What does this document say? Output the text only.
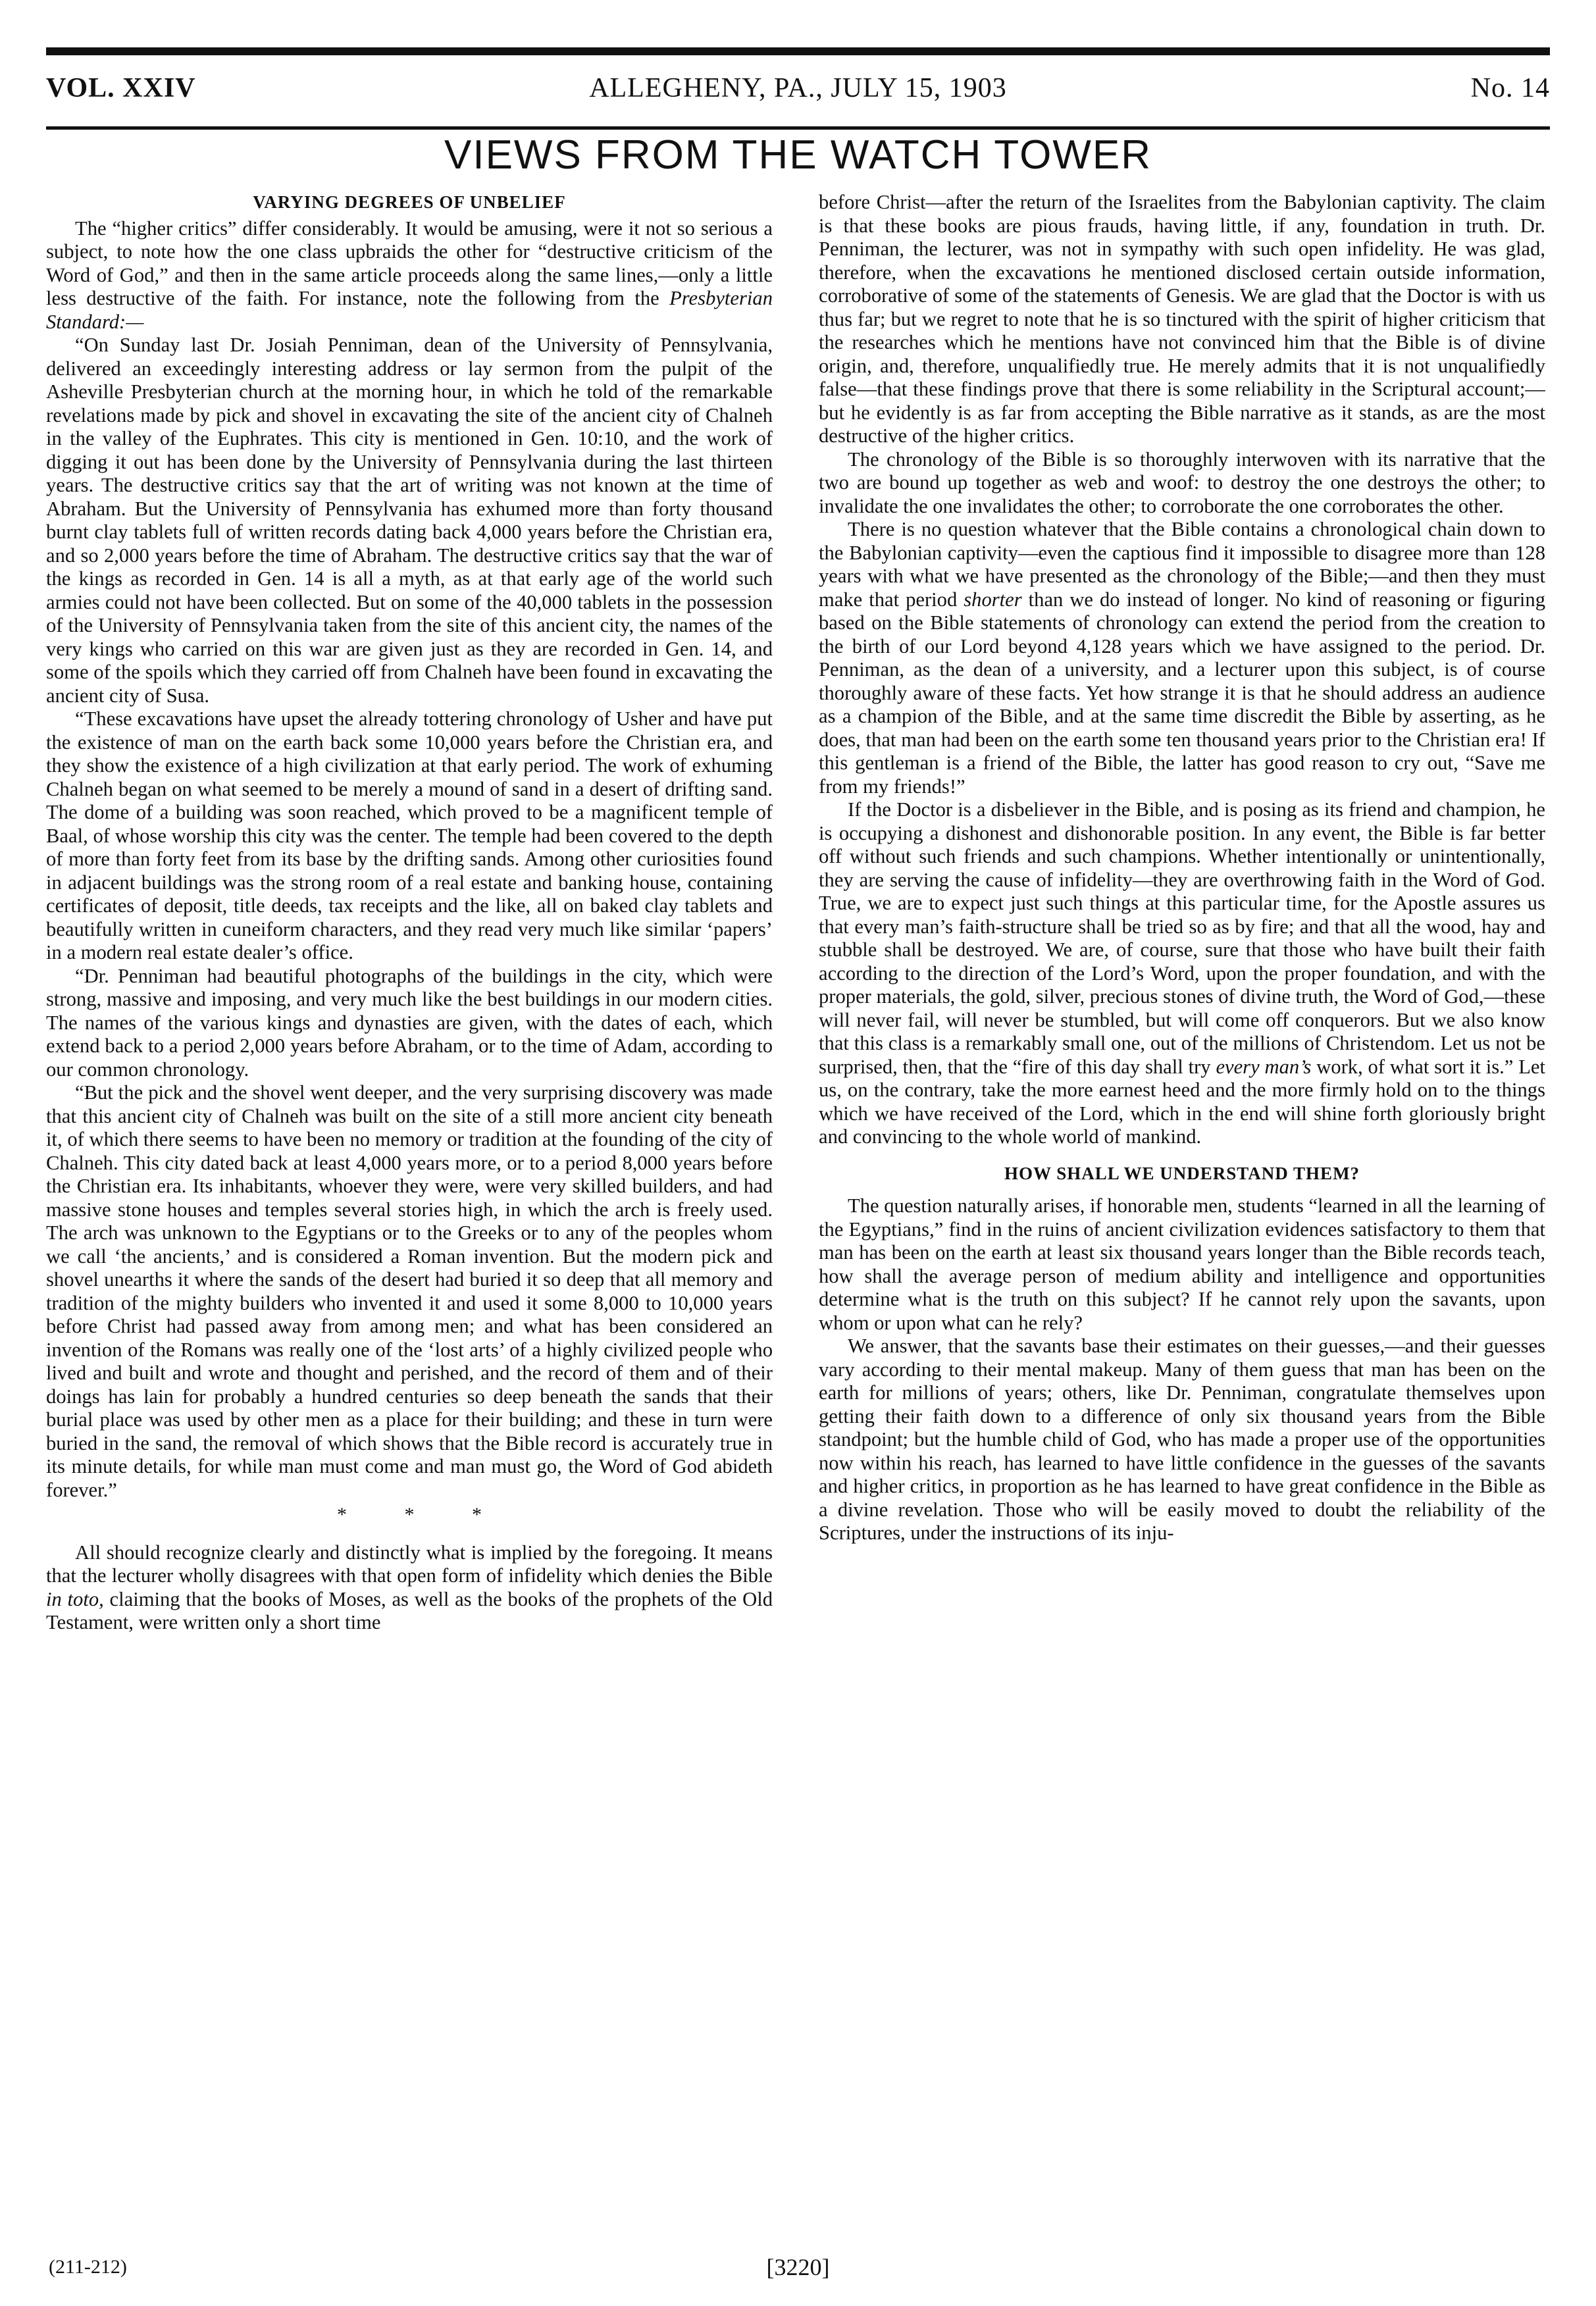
VOL. XXIV	ALLEGHENY, PA., JULY 15, 1903	No. 14
VIEWS FROM THE WATCH TOWER
VARYING DEGREES OF UNBELIEF

The “higher critics” differ considerably. It would be amusing, were it not so serious a subject, to note how the one class upbraids the other for “destructive criticism of the Word of God,” and then in the same article proceeds along the same lines,—only a little less destructive of the faith. For instance, note the following from the Presbyterian Standard:—

“On Sunday last Dr. Josiah Penniman, dean of the University of Pennsylvania, delivered an exceedingly interesting address or lay sermon from the pulpit of the Asheville Presbyterian church at the morning hour, in which he told of the remarkable revelations made by pick and shovel in excavating the site of the ancient city of Chalneh in the valley of the Euphrates. This city is mentioned in Gen. 10:10, and the work of digging it out has been done by the University of Pennsylvania during the last thirteen years. The destructive critics say that the art of writing was not known at the time of Abraham. But the University of Pennsylvania has exhumed more than forty thousand burnt clay tablets full of written records dating back 4,000 years before the Christian era, and so 2,000 years before the time of Abraham. The destructive critics say that the war of the kings as recorded in Gen. 14 is all a myth, as at that early age of the world such armies could not have been collected. But on some of the 40,000 tablets in the possession of the University of Pennsylvania taken from the site of this ancient city, the names of the very kings who carried on this war are given just as they are recorded in Gen. 14, and some of the spoils which they carried off from Chalneh have been found in excavating the ancient city of Susa.

“These excavations have upset the already tottering chronology of Usher and have put the existence of man on the earth back some 10,000 years before the Christian era, and they show the existence of a high civilization at that early period. The work of exhuming Chalneh began on what seemed to be merely a mound of sand in a desert of drifting sand. The dome of a building was soon reached, which proved to be a magnificent temple of Baal, of whose worship this city was the center. The temple had been covered to the depth of more than forty feet from its base by the drifting sands. Among other curiosities found in adjacent buildings was the strong room of a real estate and banking house, containing certificates of deposit, title deeds, tax receipts and the like, all on baked clay tablets and beautifully written in cuneiform characters, and they read very much like similar ‘papers’ in a modern real estate dealer’s office.

“Dr. Penniman had beautiful photographs of the buildings in the city, which were strong, massive and imposing, and very much like the best buildings in our modern cities. The names of the various kings and dynasties are given, with the dates of each, which extend back to a period 2,000 years before Abraham, or to the time of Adam, according to our common chronology.

“But the pick and the shovel went deeper, and the very surprising discovery was made that this ancient city of Chalneh was built on the site of a still more ancient city beneath it, of which there seems to have been no memory or tradition at the founding of the city of Chalneh. This city dated back at least 4,000 years more, or to a period 8,000 years before the Christian era. Its inhabitants, whoever they were, were very skilled builders, and had massive stone houses and temples several stories high, in which the arch is freely used. The arch was unknown to the Egyptians or to the Greeks or to any of the peoples whom we call ‘the ancients,’ and is considered a Roman invention. But the modern pick and shovel unearths it where the sands of the desert had buried it so deep that all memory and tradition of the mighty builders who invented it and used it some 8,000 to 10,000 years before Christ had passed away from among men; and what has been considered an invention of the Romans was really one of the ‘lost arts’ of a highly civilized people who lived and built and wrote and thought and perished, and the record of them and of their doings has lain for probably a hundred centuries so deep beneath the sands that their burial place was used by other men as a place for their building; and these in turn were buried in the sand, the removal of which shows that the Bible record is accurately true in its minute details, for while man must come and man must go, the Word of God abideth forever.”

* * *

All should recognize clearly and distinctly what is implied by the foregoing. It means that the lecturer wholly disagrees with that open form of infidelity which denies the Bible in toto, claiming that the books of Moses, as well as the books of the prophets of the Old Testament, were written only a short time

before Christ—after the return of the Israelites from the Babylonian captivity. The claim is that these books are pious frauds, having little, if any, foundation in truth. Dr. Penniman, the lecturer, was not in sympathy with such open infidelity. He was glad, therefore, when the excavations he mentioned disclosed certain outside information, corroborative of some of the statements of Genesis. We are glad that the Doctor is with us thus far; but we regret to note that he is so tinctured with the spirit of higher criticism that the researches which he mentions have not convinced him that the Bible is of divine origin, and, therefore, unqualifiedly true. He merely admits that it is not unqualifiedly false—that these findings prove that there is some reliability in the Scriptural account;—but he evidently is as far from accepting the Bible narrative as it stands, as are the most destructive of the higher critics.

The chronology of the Bible is so thoroughly interwoven with its narrative that the two are bound up together as web and woof: to destroy the one destroys the other; to invalidate the one invalidates the other; to corroborate the one corroborates the other.

There is no question whatever that the Bible contains a chronological chain down to the Babylonian captivity—even the captious find it impossible to disagree more than 128 years with what we have presented as the chronology of the Bible;—and then they must make that period shorter than we do instead of longer. No kind of reasoning or figuring based on the Bible statements of chronology can extend the period from the creation to the birth of our Lord beyond 4,128 years which we have assigned to the period. Dr. Penniman, as the dean of a university, and a lecturer upon this subject, is of course thoroughly aware of these facts. Yet how strange it is that he should address an audience as a champion of the Bible, and at the same time discredit the Bible by asserting, as he does, that man had been on the earth some ten thousand years prior to the Christian era! If this gentleman is a friend of the Bible, the latter has good reason to cry out, “Save me from my friends!”

If the Doctor is a disbeliever in the Bible, and is posing as its friend and champion, he is occupying a dishonest and dishonorable position. In any event, the Bible is far better off without such friends and such champions. Whether intentionally or unintentionally, they are serving the cause of infidelity—they are overthrowing faith in the Word of God. True, we are to expect just such things at this particular time, for the Apostle assures us that every man’s faith-structure shall be tried so as by fire; and that all the wood, hay and stubble shall be destroyed. We are, of course, sure that those who have built their faith according to the direction of the Lord’s Word, upon the proper foundation, and with the proper materials, the gold, silver, precious stones of divine truth, the Word of God,—these will never fail, will never be stumbled, but will come off conquerors. But we also know that this class is a remarkably small one, out of the millions of Christendom. Let us not be surprised, then, that the “fire of this day shall try every man’s work, of what sort it is.” Let us, on the contrary, take the more earnest heed and the more firmly hold on to the things which we have received of the Lord, which in the end will shine forth gloriously bright and convincing to the whole world of mankind.

HOW SHALL WE UNDERSTAND THEM?

The question naturally arises, if honorable men, students “learned in all the learning of the Egyptians,” find in the ruins of ancient civilization evidences satisfactory to them that man has been on the earth at least six thousand years longer than the Bible records teach, how shall the average person of medium ability and intelligence and opportunities determine what is the truth on this subject? If he cannot rely upon the savants, upon whom or upon what can he rely?

We answer, that the savants base their estimates on their guesses,—and their guesses vary according to their mental makeup. Many of them guess that man has been on the earth for millions of years; others, like Dr. Penniman, congratulate themselves upon getting their faith down to a difference of only six thousand years from the Bible standpoint; but the humble child of God, who has made a proper use of the opportunities now within his reach, has learned to have little confidence in the guesses of the savants and higher critics, in proportion as he has learned to have great confidence in the Bible as a divine revelation. Those who will be easily moved to doubt the reliability of the Scriptures, under the instructions of its inju-

(211-212)	[3220]
